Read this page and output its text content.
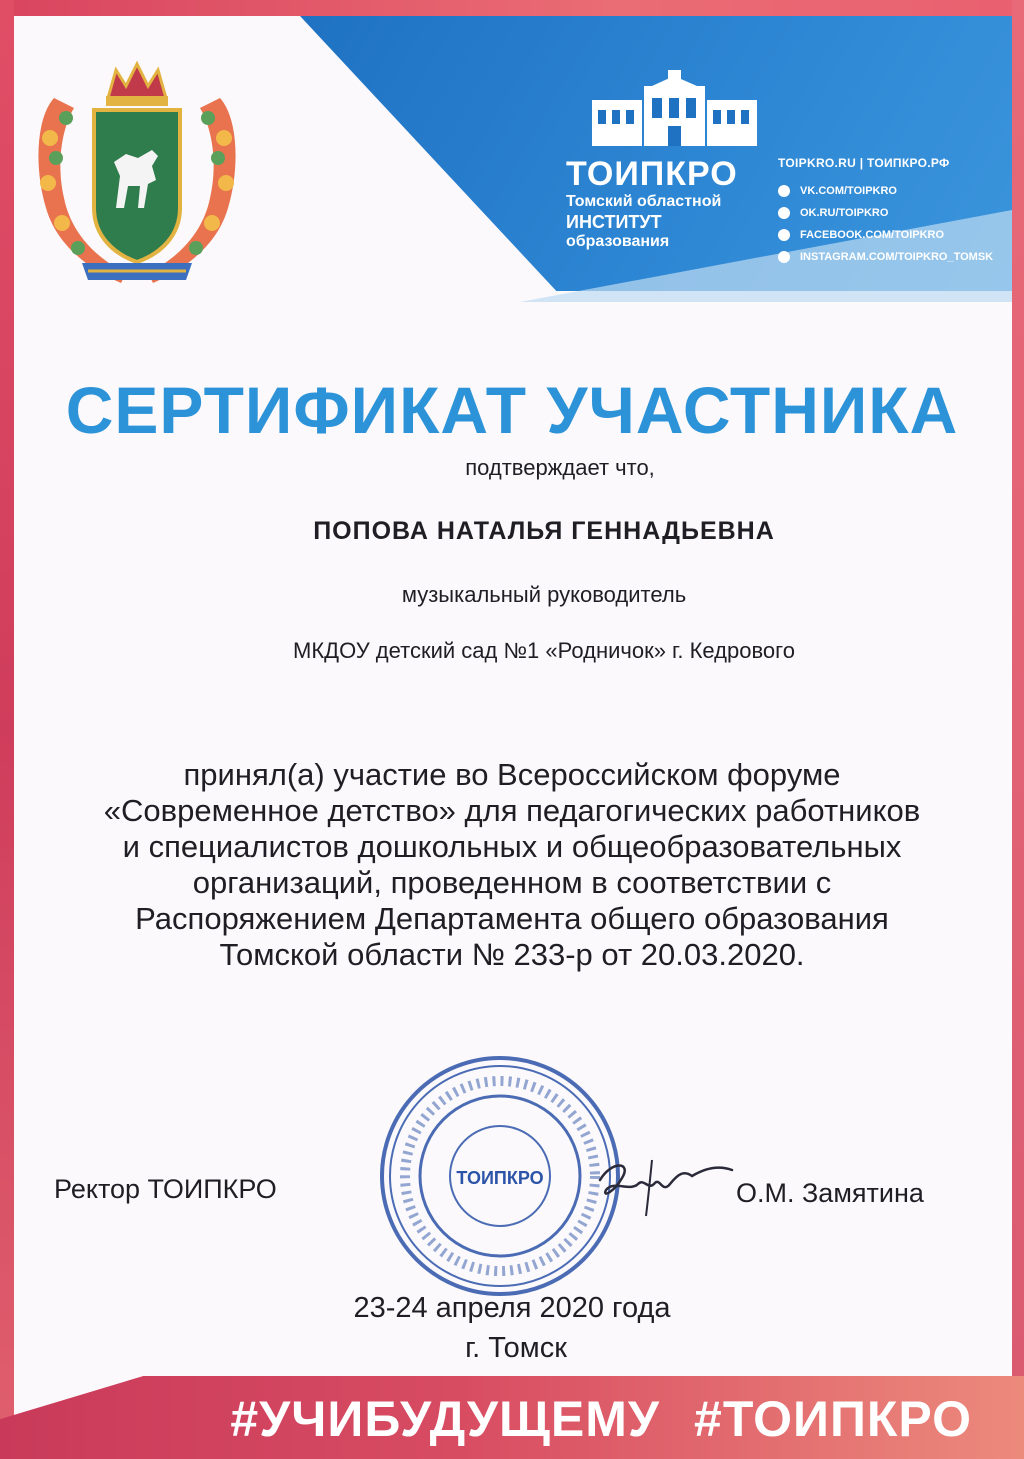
ТОИПКРО
Томский областной
ИНСТИТУТ
образования
TOIPKRO.RU | ТОИПКРО.РФ
VK.COM/TOIPKRO
OK.RU/TOIPKRO
FACEBOOK.COM/TOIPKRO
INSTAGRAM.COM/TOIPKRO_TOMSK
СЕРТИФИКАТ УЧАСТНИКА
подтверждает что,
ПОПОВА НАТАЛЬЯ ГЕННАДЬЕВНА
музыкальный руководитель
МКДОУ детский сад №1 «Родничок» г. Кедрового
принял(а) участие во Всероссийском форуме
«Современное детство» для педагогических работников
и специалистов дошкольных и общеобразовательных
организаций, проведенном в соответствии с
Распоряжением Департамента общего образования
Томской области № 233-р от 20.03.2020.
Ректор ТОИПКРО	ТОИПКРО	О.М. Замятина
23-24 апреля 2020 года
г. Томск
#УЧИБУДУЩЕМУ #ТОИПКРО
